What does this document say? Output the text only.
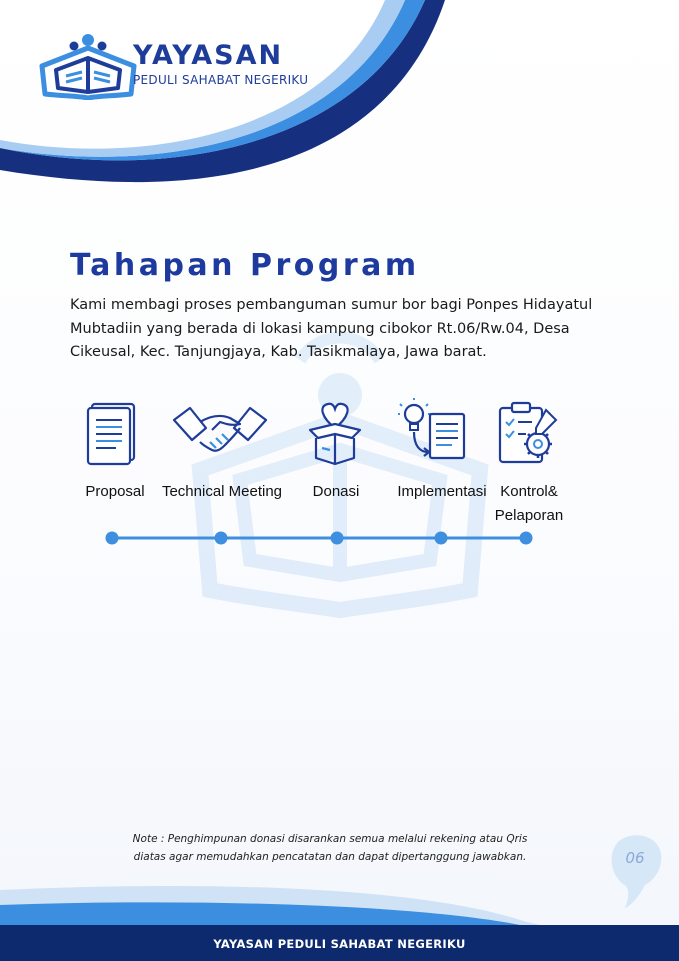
YAYASAN
PEDULI SAHABAT NEGERIKU
Tahapan Program
Kami membagi proses pembanguman sumur bor bagi Ponpes Hidayatul Mubtadiin yang berada di lokasi kampung cibokor Rt.06/Rw.04, Desa Cikeusal, Kec. Tanjungjaya, Kab. Tasikmalaya, Jawa barat.
Proposal	Technical Meeting	Donasi	Implementasi Kontrol&
Pelaporan
Note : Penghimpunan donasi disarankan semua melalui rekening atau Qris
diatas agar memudahkan pencatatan dan dapat dipertanggung jawabkan.	06
YAYASAN PEDULI SAHABAT NEGERIKU
